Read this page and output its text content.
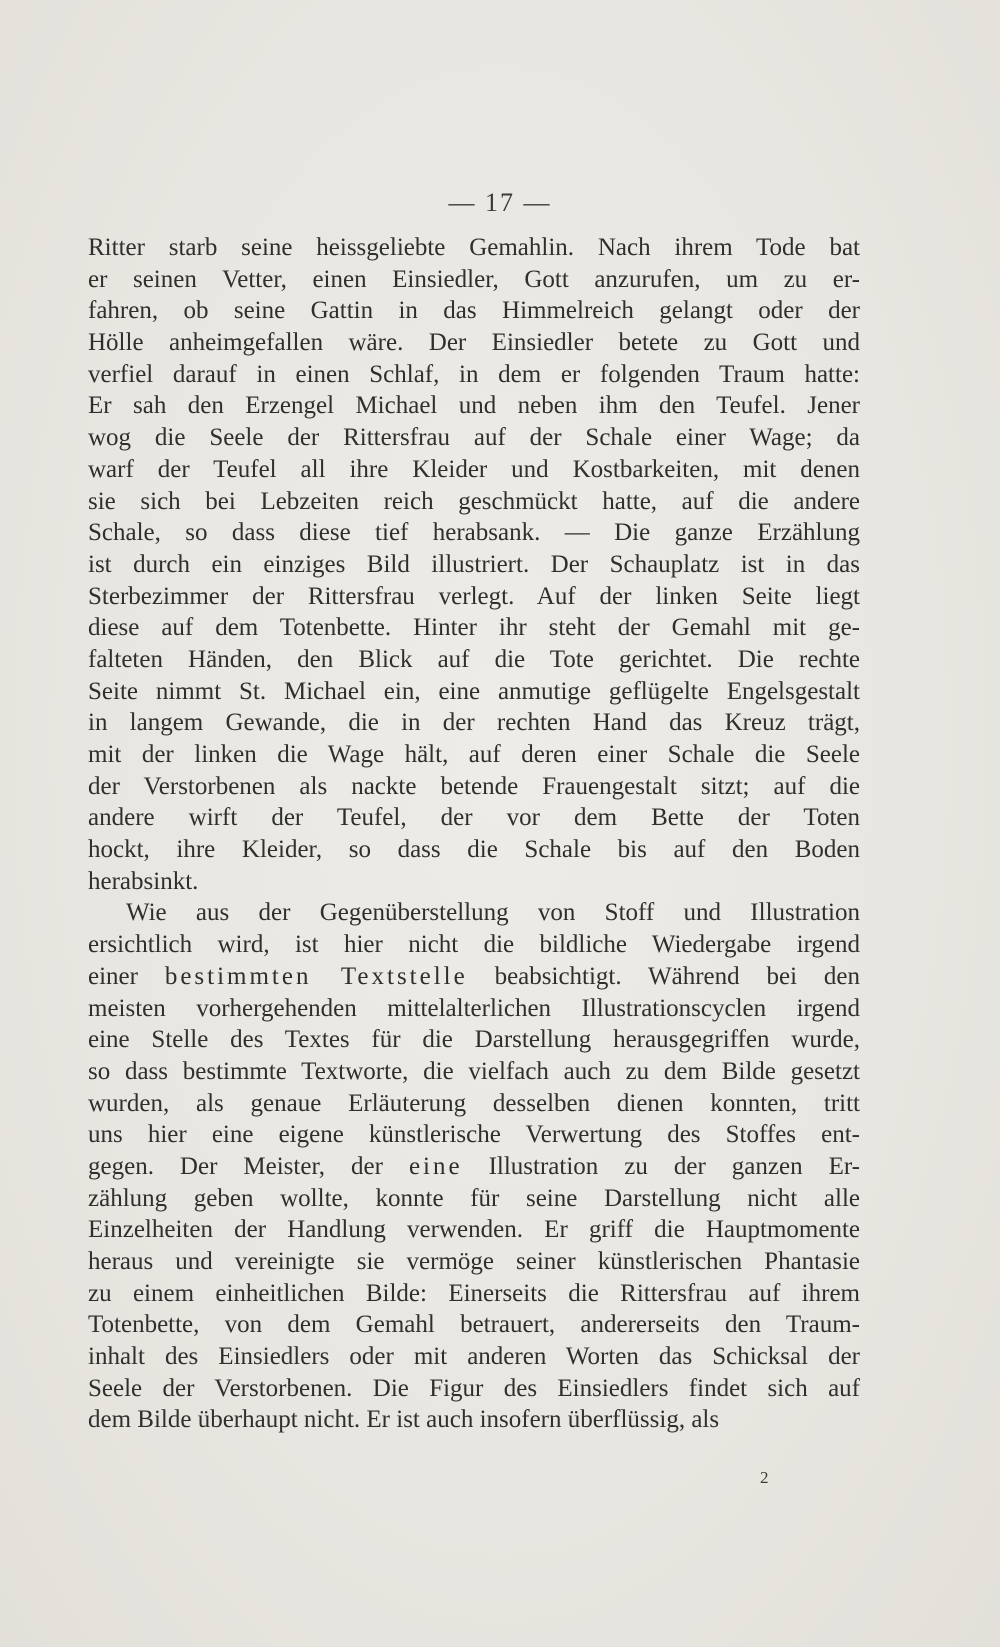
— 17 —
Ritter starb seine heissgeliebte Gemahlin. Nach ihrem Tode bat
er seinen Vetter, einen Einsiedler, Gott anzurufen, um zu er-
fahren, ob seine Gattin in das Himmelreich gelangt oder der
Hölle anheimgefallen wäre. Der Einsiedler betete zu Gott und
verfiel darauf in einen Schlaf, in dem er folgenden Traum hatte:
Er sah den Erzengel Michael und neben ihm den Teufel. Jener
wog die Seele der Rittersfrau auf der Schale einer Wage; da
warf der Teufel all ihre Kleider und Kostbarkeiten, mit denen
sie sich bei Lebzeiten reich geschmückt hatte, auf die andere
Schale, so dass diese tief herabsank. — Die ganze Erzählung
ist durch ein einziges Bild illustriert. Der Schauplatz ist in das
Sterbezimmer der Rittersfrau verlegt. Auf der linken Seite liegt
diese auf dem Totenbette. Hinter ihr steht der Gemahl mit ge-
falteten Händen, den Blick auf die Tote gerichtet. Die rechte
Seite nimmt St. Michael ein, eine anmutige geflügelte Engelsgestalt
in langem Gewande, die in der rechten Hand das Kreuz trägt,
mit der linken die Wage hält, auf deren einer Schale die Seele
der Verstorbenen als nackte betende Frauengestalt sitzt; auf die
andere wirft der Teufel, der vor dem Bette der Toten
hockt, ihre Kleider, so dass die Schale bis auf den Boden
herabsinkt.
Wie aus der Gegenüberstellung von Stoff und Illustration
ersichtlich wird, ist hier nicht die bildliche Wiedergabe irgend
einer bestimmten Textstelle beabsichtigt. Während bei den
meisten vorhergehenden mittelalterlichen Illustrationscyclen irgend
eine Stelle des Textes für die Darstellung herausgegriffen wurde,
so dass bestimmte Textworte, die vielfach auch zu dem Bilde gesetzt
wurden, als genaue Erläuterung desselben dienen konnten, tritt
uns hier eine eigene künstlerische Verwertung des Stoffes ent-
gegen. Der Meister, der eine Illustration zu der ganzen Er-
zählung geben wollte, konnte für seine Darstellung nicht alle
Einzelheiten der Handlung verwenden. Er griff die Hauptmomente
heraus und vereinigte sie vermöge seiner künstlerischen Phantasie
zu einem einheitlichen Bilde: Einerseits die Rittersfrau auf ihrem
Totenbette, von dem Gemahl betrauert, andererseits den Traum-
inhalt des Einsiedlers oder mit anderen Worten das Schicksal der
Seele der Verstorbenen. Die Figur des Einsiedlers findet sich auf
dem Bilde überhaupt nicht. Er ist auch insofern überflüssig, als
2
